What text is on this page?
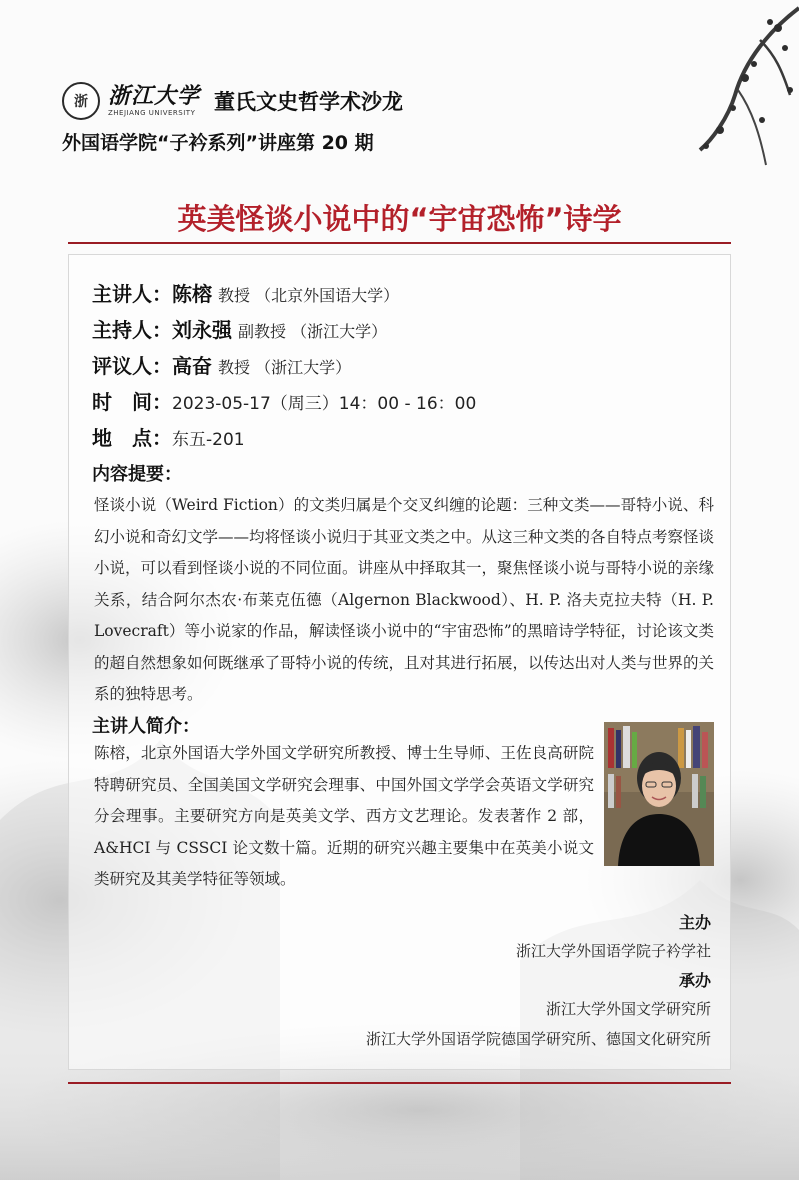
浙 浙江大学
ZHEJIANG UNIVERSITY 董氏文史哲学术沙龙
外国语学院“子衿系列”讲座第 20 期
英美怪谈小说中的“宇宙恐怖”诗学
主讲人： 陈榕 教授 （北京外国语大学）
主持人： 刘永强 副教授 （浙江大学）
评议人： 高奋 教授 （浙江大学）
时　间： 2023-05-17（周三）14：00 - 16：00
地　点： 东五-201
内容提要：
怪谈小说（Weird Fiction）的文类归属是个交叉纠缠的论题：三种文类——哥特小说、科幻小说和奇幻文学——均将怪谈小说归于其亚文类之中。从这三种文类的各自特点考察怪谈小说，可以看到怪谈小说的不同位面。讲座从中择取其一，聚焦怪谈小说与哥特小说的亲缘关系，结合阿尔杰农·布莱克伍德（Algernon Blackwood）、H. P. 洛夫克拉夫特（H. P. Lovecraft）等小说家的作品，解读怪谈小说中的“宇宙恐怖”的黑暗诗学特征，讨论该文类的超自然想象如何既继承了哥特小说的传统，且对其进行拓展，以传达出对人类与世界的关系的独特思考。
主讲人简介：
陈榕，北京外国语大学外国文学研究所教授、博士生导师、王佐良高研院特聘研究员、全国美国文学研究会理事、中国外国文学学会英语文学研究分会理事。主要研究方向是英美文学、西方文艺理论。发表著作 2 部，A&HCI 与 CSSCI 论文数十篇。近期的研究兴趣主要集中在英美小说文类研究及其美学特征等领域。
主办
浙江大学外国语学院子衿学社
承办
浙江大学外国文学研究所
浙江大学外国语学院德国学研究所、德国文化研究所
